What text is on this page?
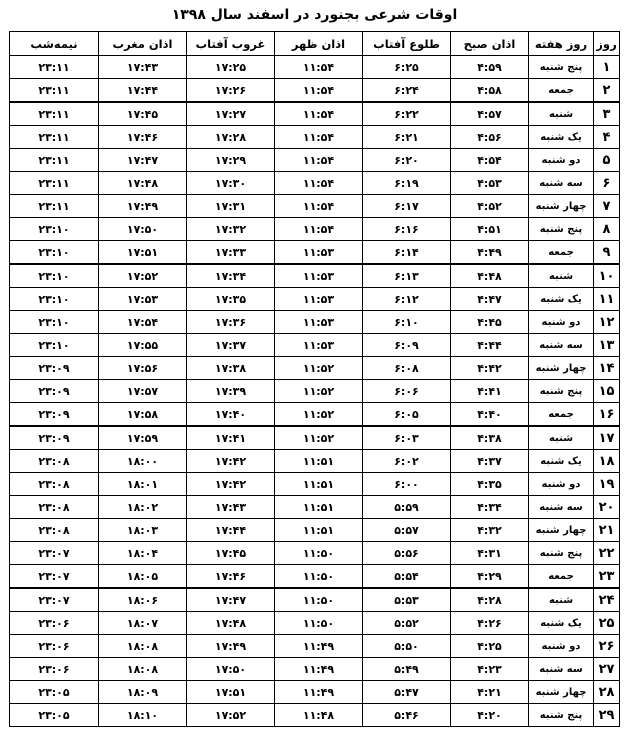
اوقات شرعی بجنورد در اسفند سال ۱۳۹۸
روز	روز هفته	اذان صبح	طلوع آفتاب	اذان ظهر	غروب آفتاب	اذان مغرب	نیمه‌شب
۱	پنج شنبه	۴:۵۹	۶:۲۵	۱۱:۵۴	۱۷:۲۵	۱۷:۴۳	۲۳:۱۱
۲	جمعه	۴:۵۸	۶:۲۴	۱۱:۵۴	۱۷:۲۶	۱۷:۴۴	۲۳:۱۱
۳	شنبه	۴:۵۷	۶:۲۲	۱۱:۵۴	۱۷:۲۷	۱۷:۴۵	۲۳:۱۱
۴	یک شنبه	۴:۵۶	۶:۲۱	۱۱:۵۴	۱۷:۲۸	۱۷:۴۶	۲۳:۱۱
۵	دو شنبه	۴:۵۴	۶:۲۰	۱۱:۵۴	۱۷:۲۹	۱۷:۴۷	۲۳:۱۱
۶	سه شنبه	۴:۵۳	۶:۱۹	۱۱:۵۴	۱۷:۳۰	۱۷:۴۸	۲۳:۱۱
۷	چهار شنبه	۴:۵۲	۶:۱۷	۱۱:۵۴	۱۷:۳۱	۱۷:۴۹	۲۳:۱۱
۸	پنج شنبه	۴:۵۱	۶:۱۶	۱۱:۵۴	۱۷:۳۲	۱۷:۵۰	۲۳:۱۰
۹	جمعه	۴:۴۹	۶:۱۴	۱۱:۵۳	۱۷:۳۳	۱۷:۵۱	۲۳:۱۰
۱۰	شنبه	۴:۴۸	۶:۱۳	۱۱:۵۳	۱۷:۳۴	۱۷:۵۲	۲۳:۱۰
۱۱	یک شنبه	۴:۴۷	۶:۱۲	۱۱:۵۳	۱۷:۳۵	۱۷:۵۳	۲۳:۱۰
۱۲	دو شنبه	۴:۴۵	۶:۱۰	۱۱:۵۳	۱۷:۳۶	۱۷:۵۴	۲۳:۱۰
۱۳	سه شنبه	۴:۴۴	۶:۰۹	۱۱:۵۳	۱۷:۳۷	۱۷:۵۵	۲۳:۱۰
۱۴	چهار شنبه	۴:۴۲	۶:۰۸	۱۱:۵۲	۱۷:۳۸	۱۷:۵۶	۲۳:۰۹
۱۵	پنج شنبه	۴:۴۱	۶:۰۶	۱۱:۵۲	۱۷:۳۹	۱۷:۵۷	۲۳:۰۹
۱۶	جمعه	۴:۴۰	۶:۰۵	۱۱:۵۲	۱۷:۴۰	۱۷:۵۸	۲۳:۰۹
۱۷	شنبه	۴:۳۸	۶:۰۳	۱۱:۵۲	۱۷:۴۱	۱۷:۵۹	۲۳:۰۹
۱۸	یک شنبه	۴:۳۷	۶:۰۲	۱۱:۵۱	۱۷:۴۲	۱۸:۰۰	۲۳:۰۸
۱۹	دو شنبه	۴:۳۵	۶:۰۰	۱۱:۵۱	۱۷:۴۲	۱۸:۰۱	۲۳:۰۸
۲۰	سه شنبه	۴:۳۴	۵:۵۹	۱۱:۵۱	۱۷:۴۳	۱۸:۰۲	۲۳:۰۸
۲۱	چهار شنبه	۴:۳۲	۵:۵۷	۱۱:۵۱	۱۷:۴۴	۱۸:۰۳	۲۳:۰۸
۲۲	پنج شنبه	۴:۳۱	۵:۵۶	۱۱:۵۰	۱۷:۴۵	۱۸:۰۴	۲۳:۰۷
۲۳	جمعه	۴:۲۹	۵:۵۴	۱۱:۵۰	۱۷:۴۶	۱۸:۰۵	۲۳:۰۷
۲۴	شنبه	۴:۲۸	۵:۵۳	۱۱:۵۰	۱۷:۴۷	۱۸:۰۶	۲۳:۰۷
۲۵	یک شنبه	۴:۲۶	۵:۵۲	۱۱:۵۰	۱۷:۴۸	۱۸:۰۷	۲۳:۰۶
۲۶	دو شنبه	۴:۲۵	۵:۵۰	۱۱:۴۹	۱۷:۴۹	۱۸:۰۸	۲۳:۰۶
۲۷	سه شنبه	۴:۲۳	۵:۴۹	۱۱:۴۹	۱۷:۵۰	۱۸:۰۸	۲۳:۰۶
۲۸	چهار شنبه	۴:۲۱	۵:۴۷	۱۱:۴۹	۱۷:۵۱	۱۸:۰۹	۲۳:۰۵
۲۹	پنج شنبه	۴:۲۰	۵:۴۶	۱۱:۴۸	۱۷:۵۲	۱۸:۱۰	۲۳:۰۵
